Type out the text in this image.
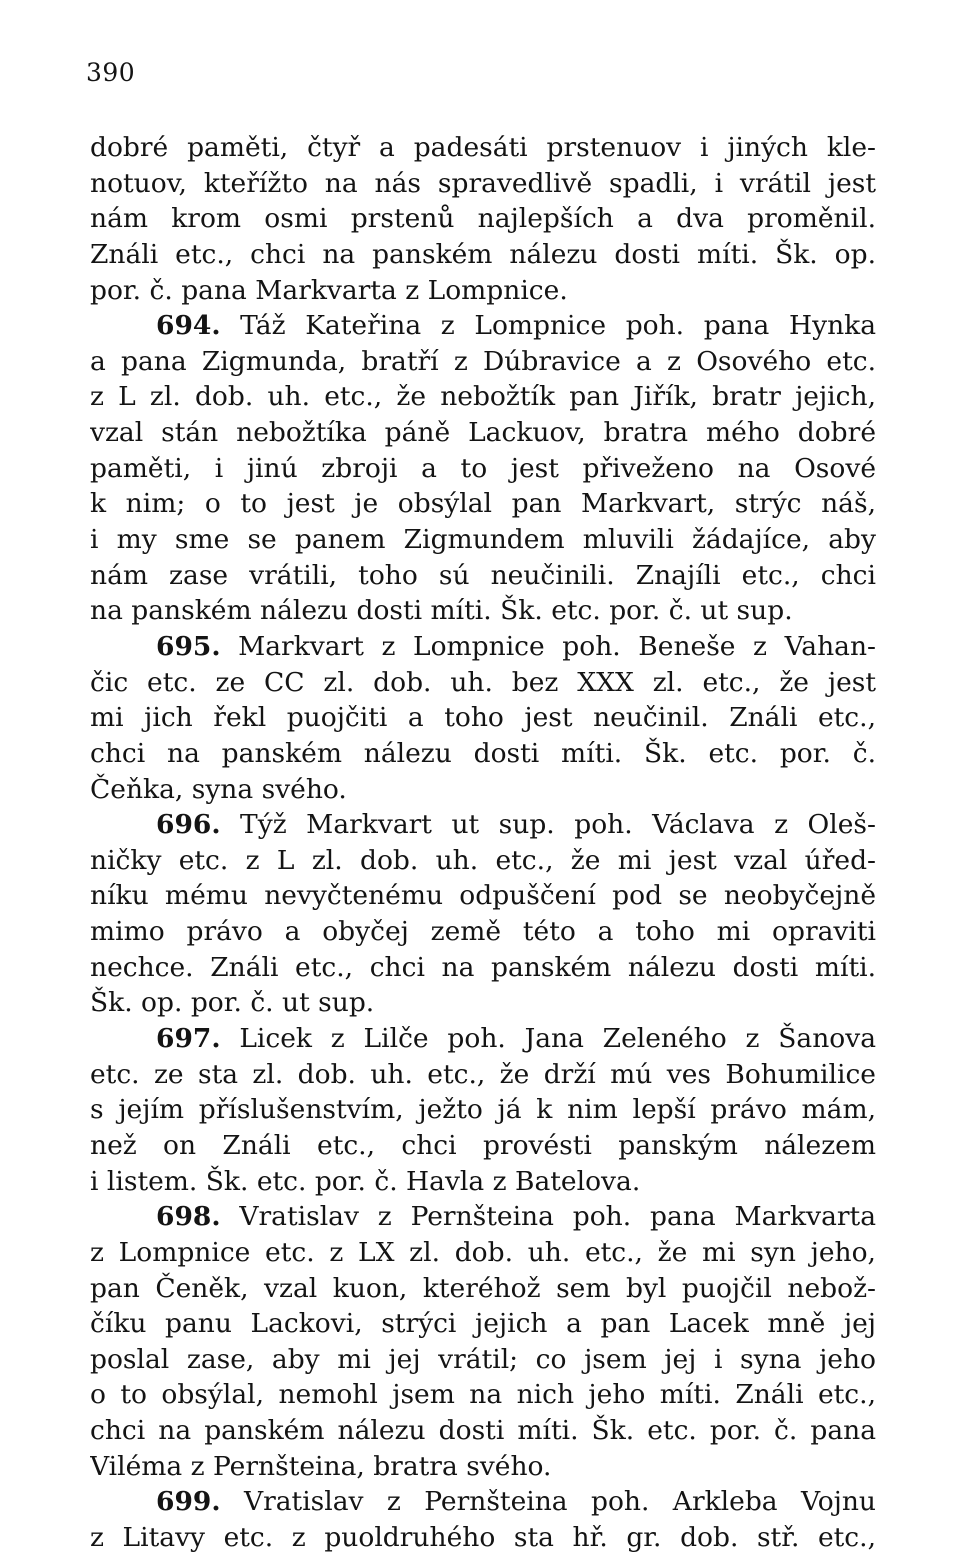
390
dobré paměti, čtyř a padesáti prstenuov i jiných kle-
notuov, kteřížto na nás spravedlivě spadli, i vrátil jest
nám krom osmi prstenů najlepších a dva proměnil.
Ználi etc., chci na panském nálezu dosti míti. Šk. op.
por. č. pana Markvarta z Lompnice.
694. Táž Kateřina z Lompnice poh. pana Hynka
a pana Zigmunda, bratří z Dúbravice a z Osového etc.
z L zl. dob. uh. etc., že nebožtík pan Jiřík, bratr jejich,
vzal stán nebožtíka páně Lackuov, bratra mého dobré
paměti, i jinú zbroji a to jest přiveženo na Osové
k nim; o to jest je obsýlal pan Markvart, strýc náš,
i my sme se panem Zigmundem mluvili žádajíce, aby
nám zase vrátili, toho sú neučinili. Znajíli etc., chci
na panském nálezu dosti míti. Šk. etc. por. č. ut sup.
695. Markvart z Lompnice poh. Beneše z Vahan-
čic etc. ze CC zl. dob. uh. bez XXX zl. etc., že jest
mi jich řekl puojčiti a toho jest neučinil. Ználi etc.,
chci na panském nálezu dosti míti. Šk. etc. por. č.
Čeňka, syna svého.
696. Týž Markvart ut sup. poh. Václava z Oleš-
ničky etc. z L zl. dob. uh. etc., že mi jest vzal úřed-
níku mému nevyčtenému odpuščení pod se neobyčejně
mimo právo a obyčej země této a toho mi opraviti
nechce. Ználi etc., chci na panském nálezu dosti míti.
Šk. op. por. č. ut sup.
697. Licek z Lilče poh. Jana Zeleného z Šanova
etc. ze sta zl. dob. uh. etc., že drží mú ves Bohumilice
s jejím příslušenstvím, ježto já k nim lepší právo mám,
než on Ználi etc., chci provésti panským nálezem
i listem. Šk. etc. por. č. Havla z Batelova.
698. Vratislav z Pernšteina poh. pana Markvarta
z Lompnice etc. z LX zl. dob. uh. etc., že mi syn jeho,
pan Čeněk, vzal kuon, kteréhož sem byl puojčil nebož-
číku panu Lackovi, strýci jejich a pan Lacek mně jej
poslal zase, aby mi jej vrátil; co jsem jej i syna jeho
o to obsýlal, nemohl jsem na nich jeho míti. Ználi etc.,
chci na panském nálezu dosti míti. Šk. etc. por. č. pana
Viléma z Pernšteina, bratra svého.
699. Vratislav z Pernšteina poh. Arkleba Vojnu
z Litavy etc. z puoldruhého sta hř. gr. dob. stř. etc.,
